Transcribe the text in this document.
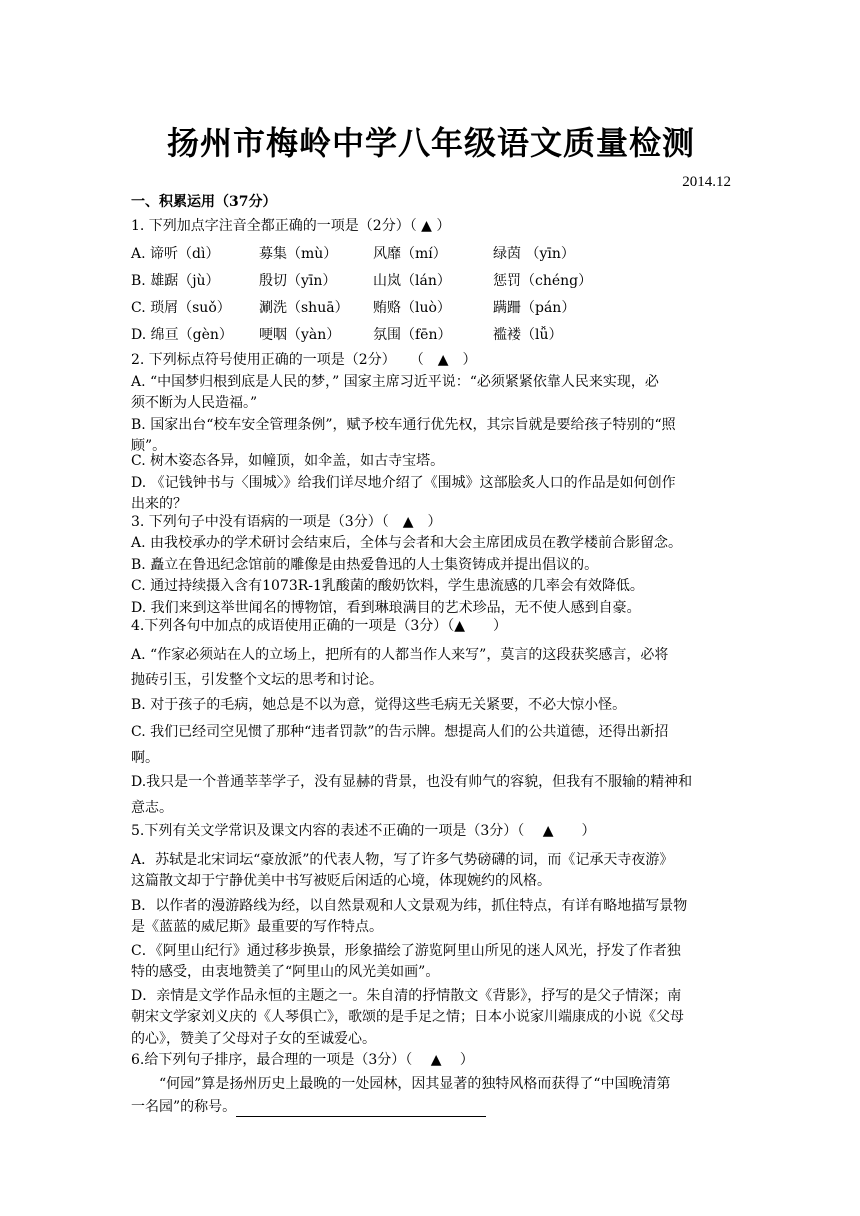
扬州市梅岭中学八年级语文质量检测
2014.12
一、积累运用（37分）
1. 下列加点字注音全都正确的一项是（2分）（ ▲ ）
A. 谛听（dì）	募集（mù）	风靡（mí）	绿茵 （yīn）
B. 雄踞（jù）	殷切（yīn）	山岚（lán）	惩罚（chéng）
C. 琐屑（suǒ） 涮洗（shuā） 贿赂（luò）	蹒跚（pán）
D. 绵亘（gèn） 哽咽（yàn） 氛围（fēn）	褴褛（lǚ）
2. 下列标点符号使用正确的一项是（2分）　　（　▲　）
A. “中国梦归根到底是人民的梦，” 国家主席习近平说：“必须紧紧依靠人民来实现，必
须不断为人民造福。”
B. 国家出台“校车安全管理条例”，赋予校车通行优先权，其宗旨就是要给孩子特别的“照
顾”。
C. 树木姿态各异，如幢顶，如伞盖，如古寺宝塔。
D. 《记钱钟书与〈围城〉》给我们详尽地介绍了《围城》这部脍炙人口的作品是如何创作
出来的？
3. 下列句子中没有语病的一项是（3分）（　▲　）
A. 由我校承办的学术研讨会结束后，全体与会者和大会主席团成员在教学楼前合影留念。
B. 矗立在鲁迅纪念馆前的雕像是由热爱鲁迅的人士集资铸成并提出倡议的。
C. 通过持续摄入含有1073R-1乳酸菌的酸奶饮料，学生患流感的几率会有效降低。
D. 我们来到这举世闻名的博物馆，看到琳琅满目的艺术珍品，无不使人感到自豪。
4.下列各句中加点的成语使用正确的一项是（3分）（▲　　）
A. “作家必须站在人的立场上，把所有的人都当作人来写”，莫言的这段获奖感言，必将
抛砖引玉，引发整个文坛的思考和讨论。
B. 对于孩子的毛病，她总是不以为意，觉得这些毛病无关紧要，不必大惊小怪。
C. 我们已经司空见惯了那种“违者罚款”的告示牌。想提高人们的公共道德，还得出新招
啊。
D.我只是一个普通莘莘学子，没有显赫的背景，也没有帅气的容貌，但我有不服输的精神和
意志。
5.下列有关文学常识及课文内容的表述不正确的一项是（3分）（　 ▲　　）
A．苏轼是北宋词坛“豪放派”的代表人物，写了许多气势磅礴的词，而《记承天寺夜游》
这篇散文却于宁静优美中书写被贬后闲适的心境，体现婉约的风格。
B．以作者的漫游路线为经，以自然景观和人文景观为纬，抓住特点，有详有略地描写景物
是《蓝蓝的威尼斯》最重要的写作特点。
C．《阿里山纪行》通过移步换景，形象描绘了游览阿里山所见的迷人风光，抒发了作者独
特的感受，由衷地赞美了“阿里山的风光美如画”。
D．亲情是文学作品永恒的主题之一。朱自清的抒情散文《背影》，抒写的是父子情深；南
朝宋文学家刘义庆的《人琴俱亡》，歌颂的是手足之情；日本小说家川端康成的小说《父母
的心》，赞美了父母对子女的至诚爱心。
6.给下列句子排序，最合理的一项是（3分）（　 ▲　 ）
“何园”算是扬州历史上最晚的一处园林，因其显著的独特风格而获得了“中国晚清第
一名园”的称号。
